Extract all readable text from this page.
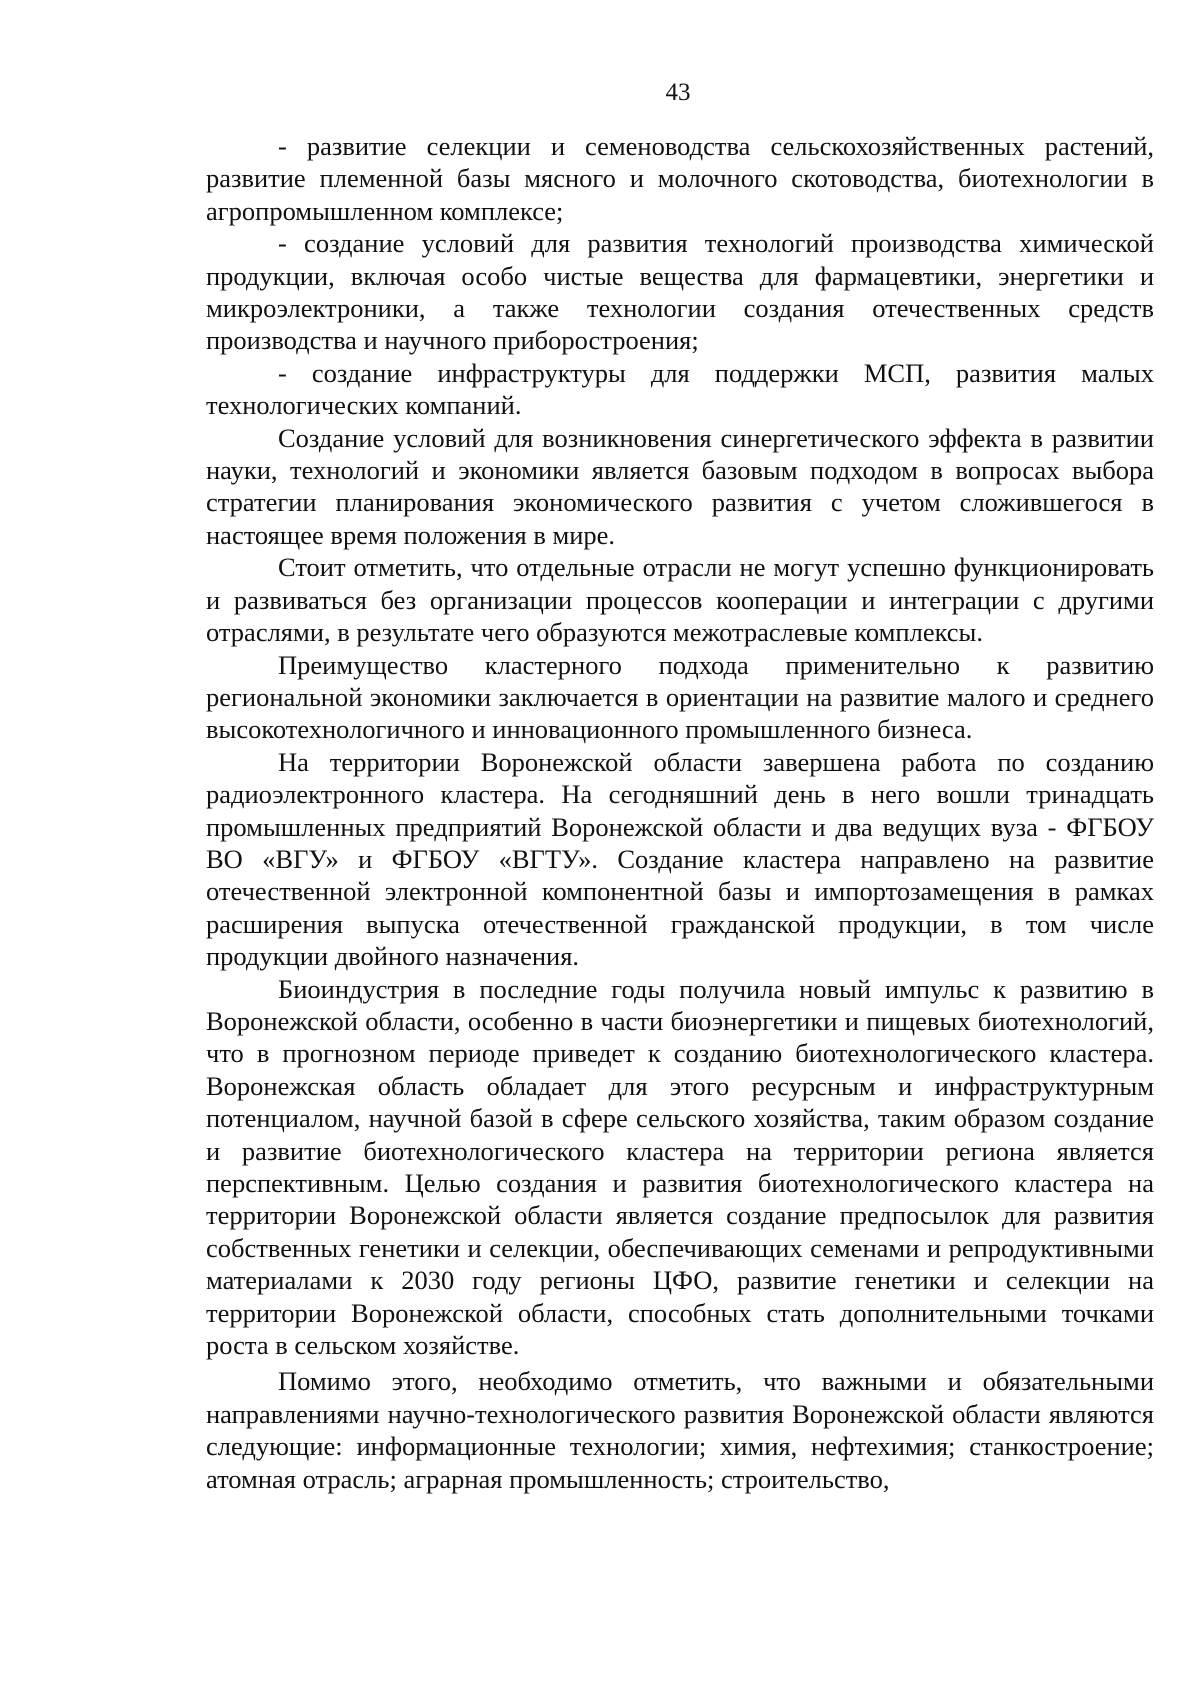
43

- развитие селекции и семеноводства сельскохозяйственных растений, развитие племенной базы мясного и молочного скотоводства, биотехнологии в агропромышленном комплексе;

- создание условий для развития технологий производства химической продукции, включая особо чистые вещества для фармацевтики, энергетики и микроэлектроники, а также технологии создания отечественных средств производства и научного приборостроения;

- создание инфраструктуры для поддержки МСП, развития малых технологических компаний.

Создание условий для возникновения синергетического эффекта в развитии науки, технологий и экономики является базовым подходом в вопросах выбора стратегии планирования экономического развития с учетом сложившегося в настоящее время положения в мире.

Стоит отметить, что отдельные отрасли не могут успешно функционировать и развиваться без организации процессов кооперации и интеграции с другими отраслями, в результате чего образуются межотраслевые комплексы.

Преимущество кластерного подхода применительно к развитию региональной экономики заключается в ориентации на развитие малого и среднего высокотехнологичного и инновационного промышленного бизнеса.

На территории Воронежской области завершена работа по созданию радиоэлектронного кластера. На сегодняшний день в него вошли тринадцать промышленных предприятий Воронежской области и два ведущих вуза - ФГБОУ ВО «ВГУ» и ФГБОУ «ВГТУ». Создание кластера направлено на развитие отечественной электронной компонентной базы и импортозамещения в рамках расширения выпуска отечественной гражданской продукции, в том числе продукции двойного назначения.

Биоиндустрия в последние годы получила новый импульс к развитию в Воронежской области, особенно в части биоэнергетики и пищевых биотехнологий, что в прогнозном периоде приведет к созданию биотехнологического кластера. Воронежская область обладает для этого ресурсным и инфраструктурным потенциалом, научной базой в сфере сельского хозяйства, таким образом создание и развитие биотехнологического кластера на территории региона является перспективным. Целью создания и развития биотехнологического кластера на территории Воронежской области является создание предпосылок для развития собственных генетики и селекции, обеспечивающих семенами и репродуктивными материалами к 2030 году регионы ЦФО, развитие генетики и селекции на территории Воронежской области, способных стать дополнительными точками роста в сельском хозяйстве.

Помимо этого, необходимо отметить, что важными и обязательными направлениями научно-технологического развития Воронежской области являются следующие: информационные технологии; химия, нефтехимия; станкостроение; атомная отрасль; аграрная промышленность; строительство,
